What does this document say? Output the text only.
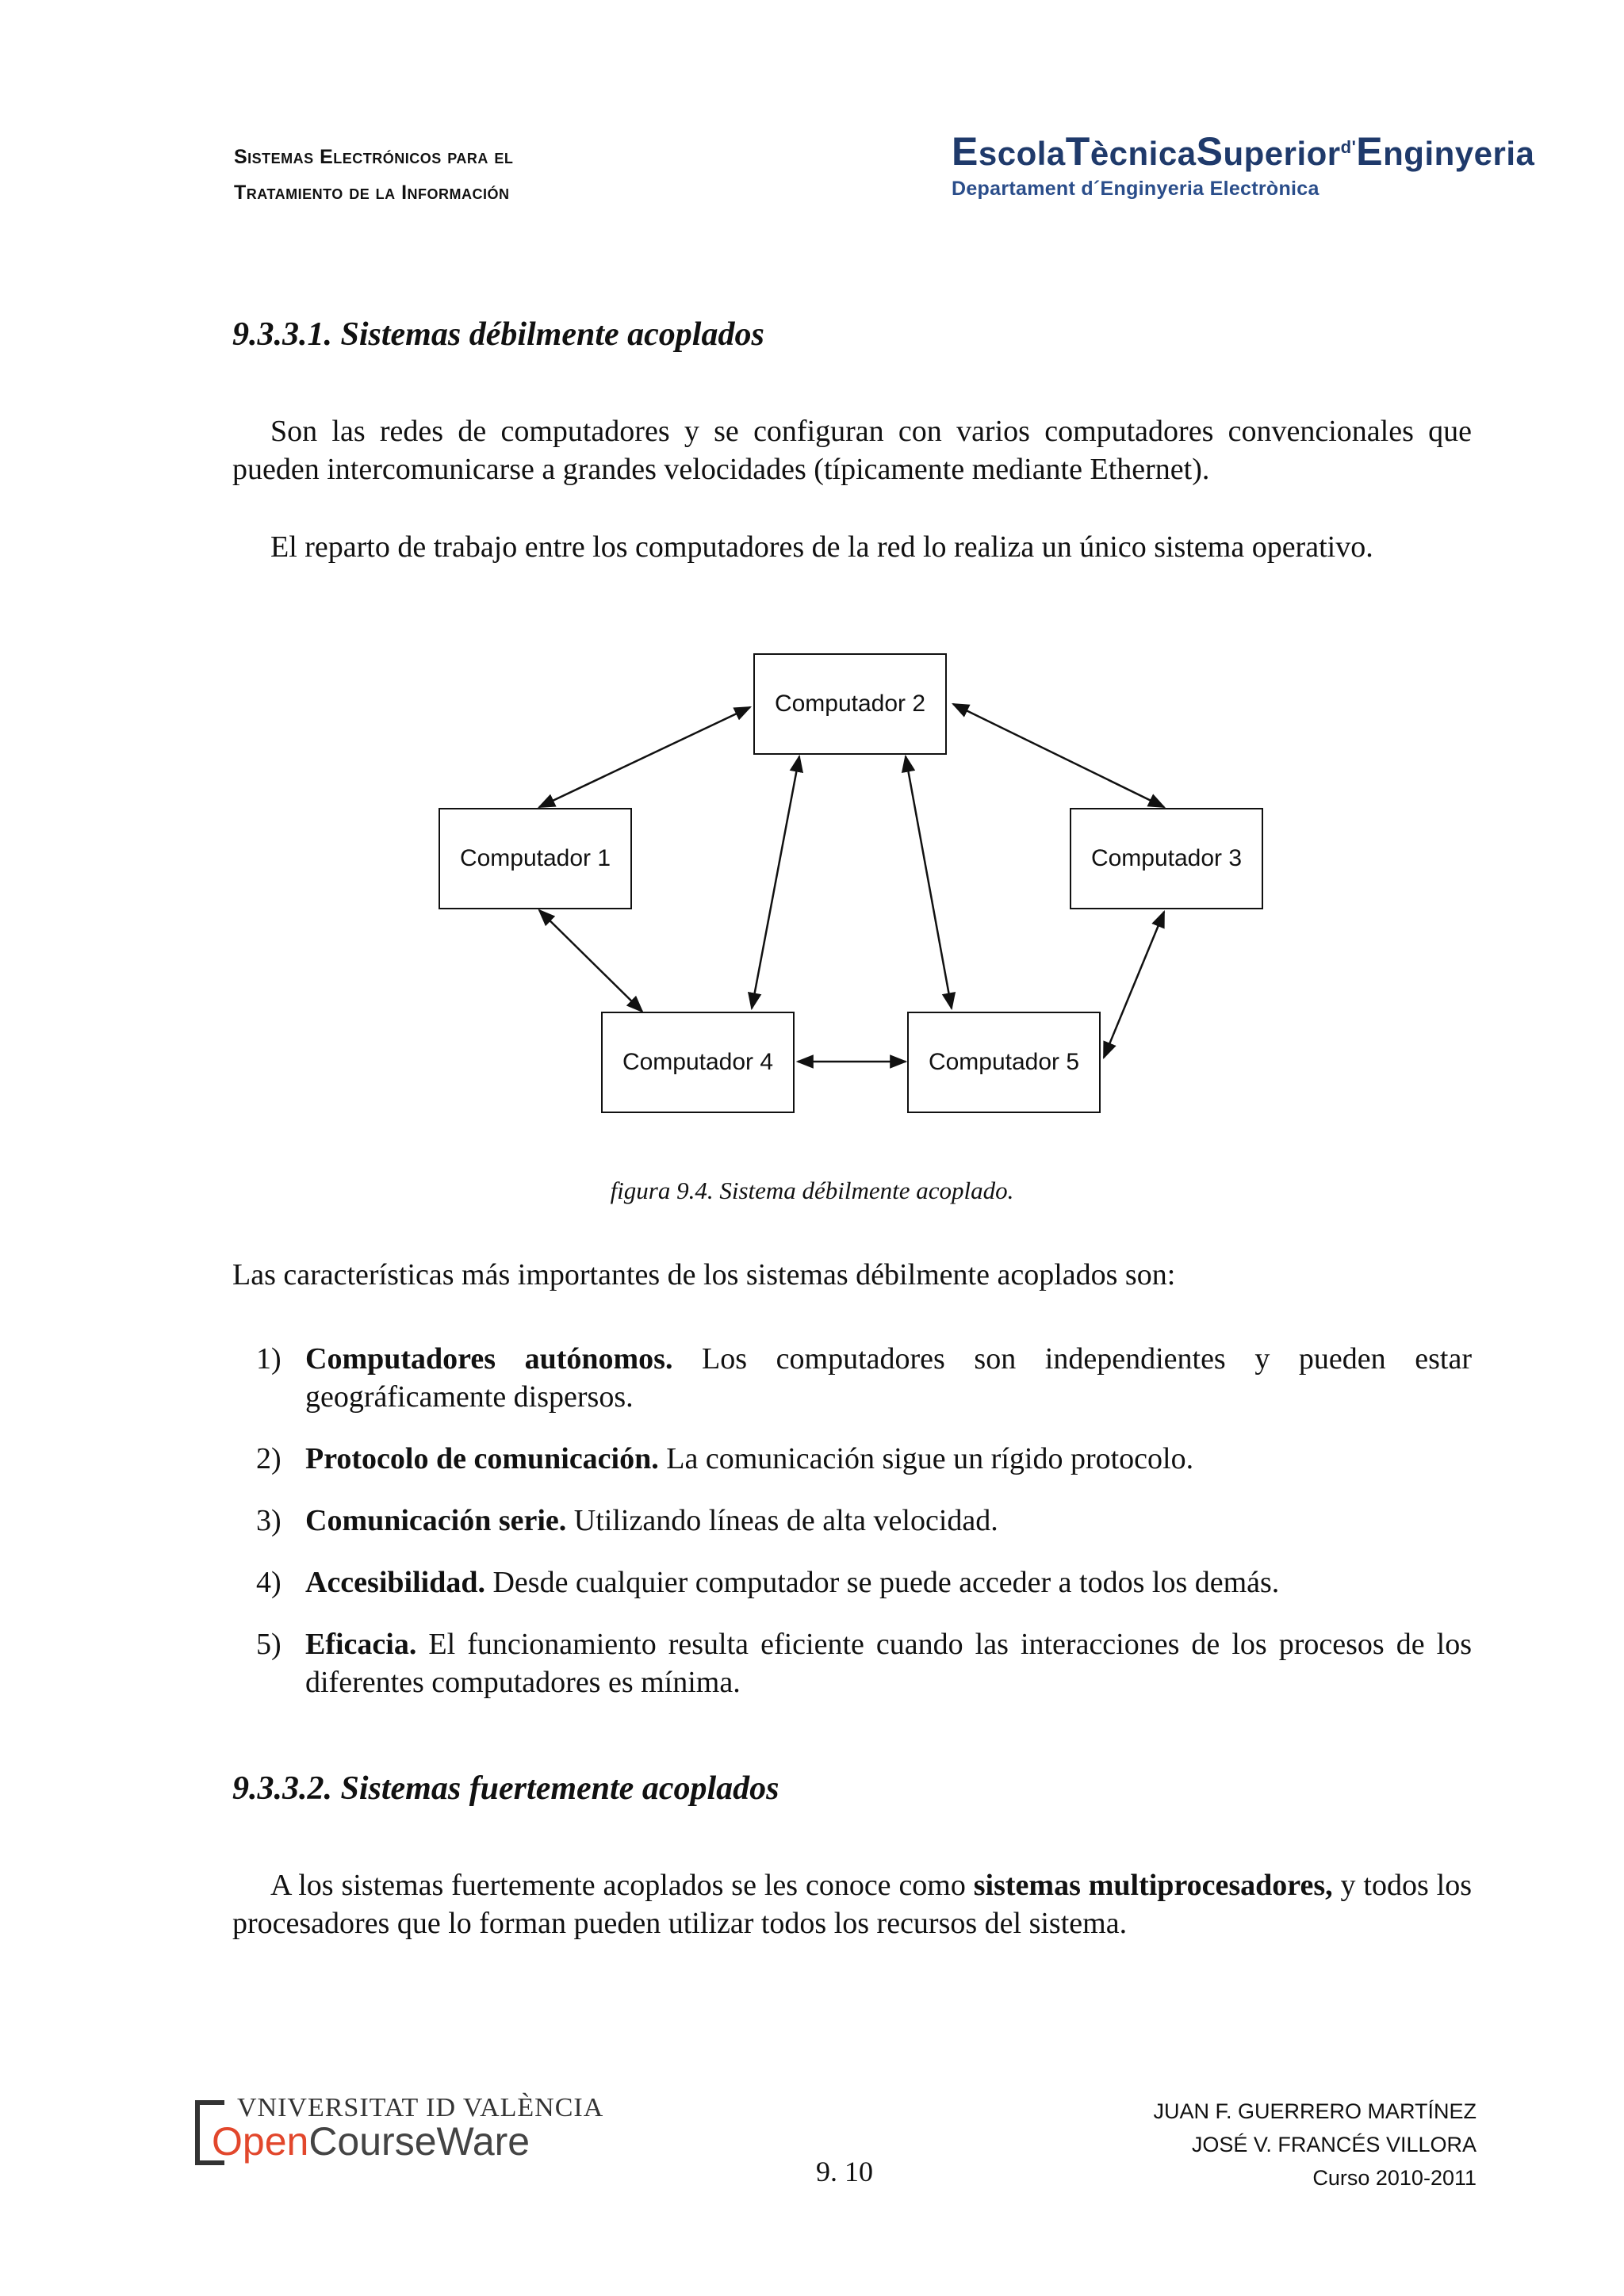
Sistemas Electrónicos para el
Tratamiento de la Información
EscolaTècnicaSuperior$^{d'}$Enginyeria
Departament d´Enginyeria Electrònica
9.3.3.1. Sistemas débilmente acoplados
Son las redes de computadores y se configuran con varios computadores convencionales que pueden intercomunicarse a grandes velocidades (típicamente mediante Ethernet).
El reparto de trabajo entre los computadores de la red lo realiza un único sistema operativo.
Computador 2
Computador 1	Computador 3
Computador 4	Computador 5
figura 9.4. Sistema débilmente acoplado.
Las características más importantes de los sistemas débilmente acoplados son:
1) Computadores autónomos. Los computadores son independientes y pueden estar geográficamente dispersos.
2) Protocolo de comunicación. La comunicación sigue un rígido protocolo.
3) Comunicación serie. Utilizando líneas de alta velocidad.
4) Accesibilidad. Desde cualquier computador se puede acceder a todos los demás.
5) Eficacia. El funcionamiento resulta eficiente cuando las interacciones de los procesos de los diferentes computadores es mínima.
9.3.3.2. Sistemas fuertemente acoplados
A los sistemas fuertemente acoplados se les conoce como sistemas multiprocesadores, y todos los procesadores que lo forman pueden utilizar todos los recursos del sistema.
VNIVERSITAT ID VALÈNCIA
OpenCourseWare
9. 10
JUAN F. GUERRERO MARTÍNEZ
JOSÉ V. FRANCÉS VILLORA
Curso 2010-2011
